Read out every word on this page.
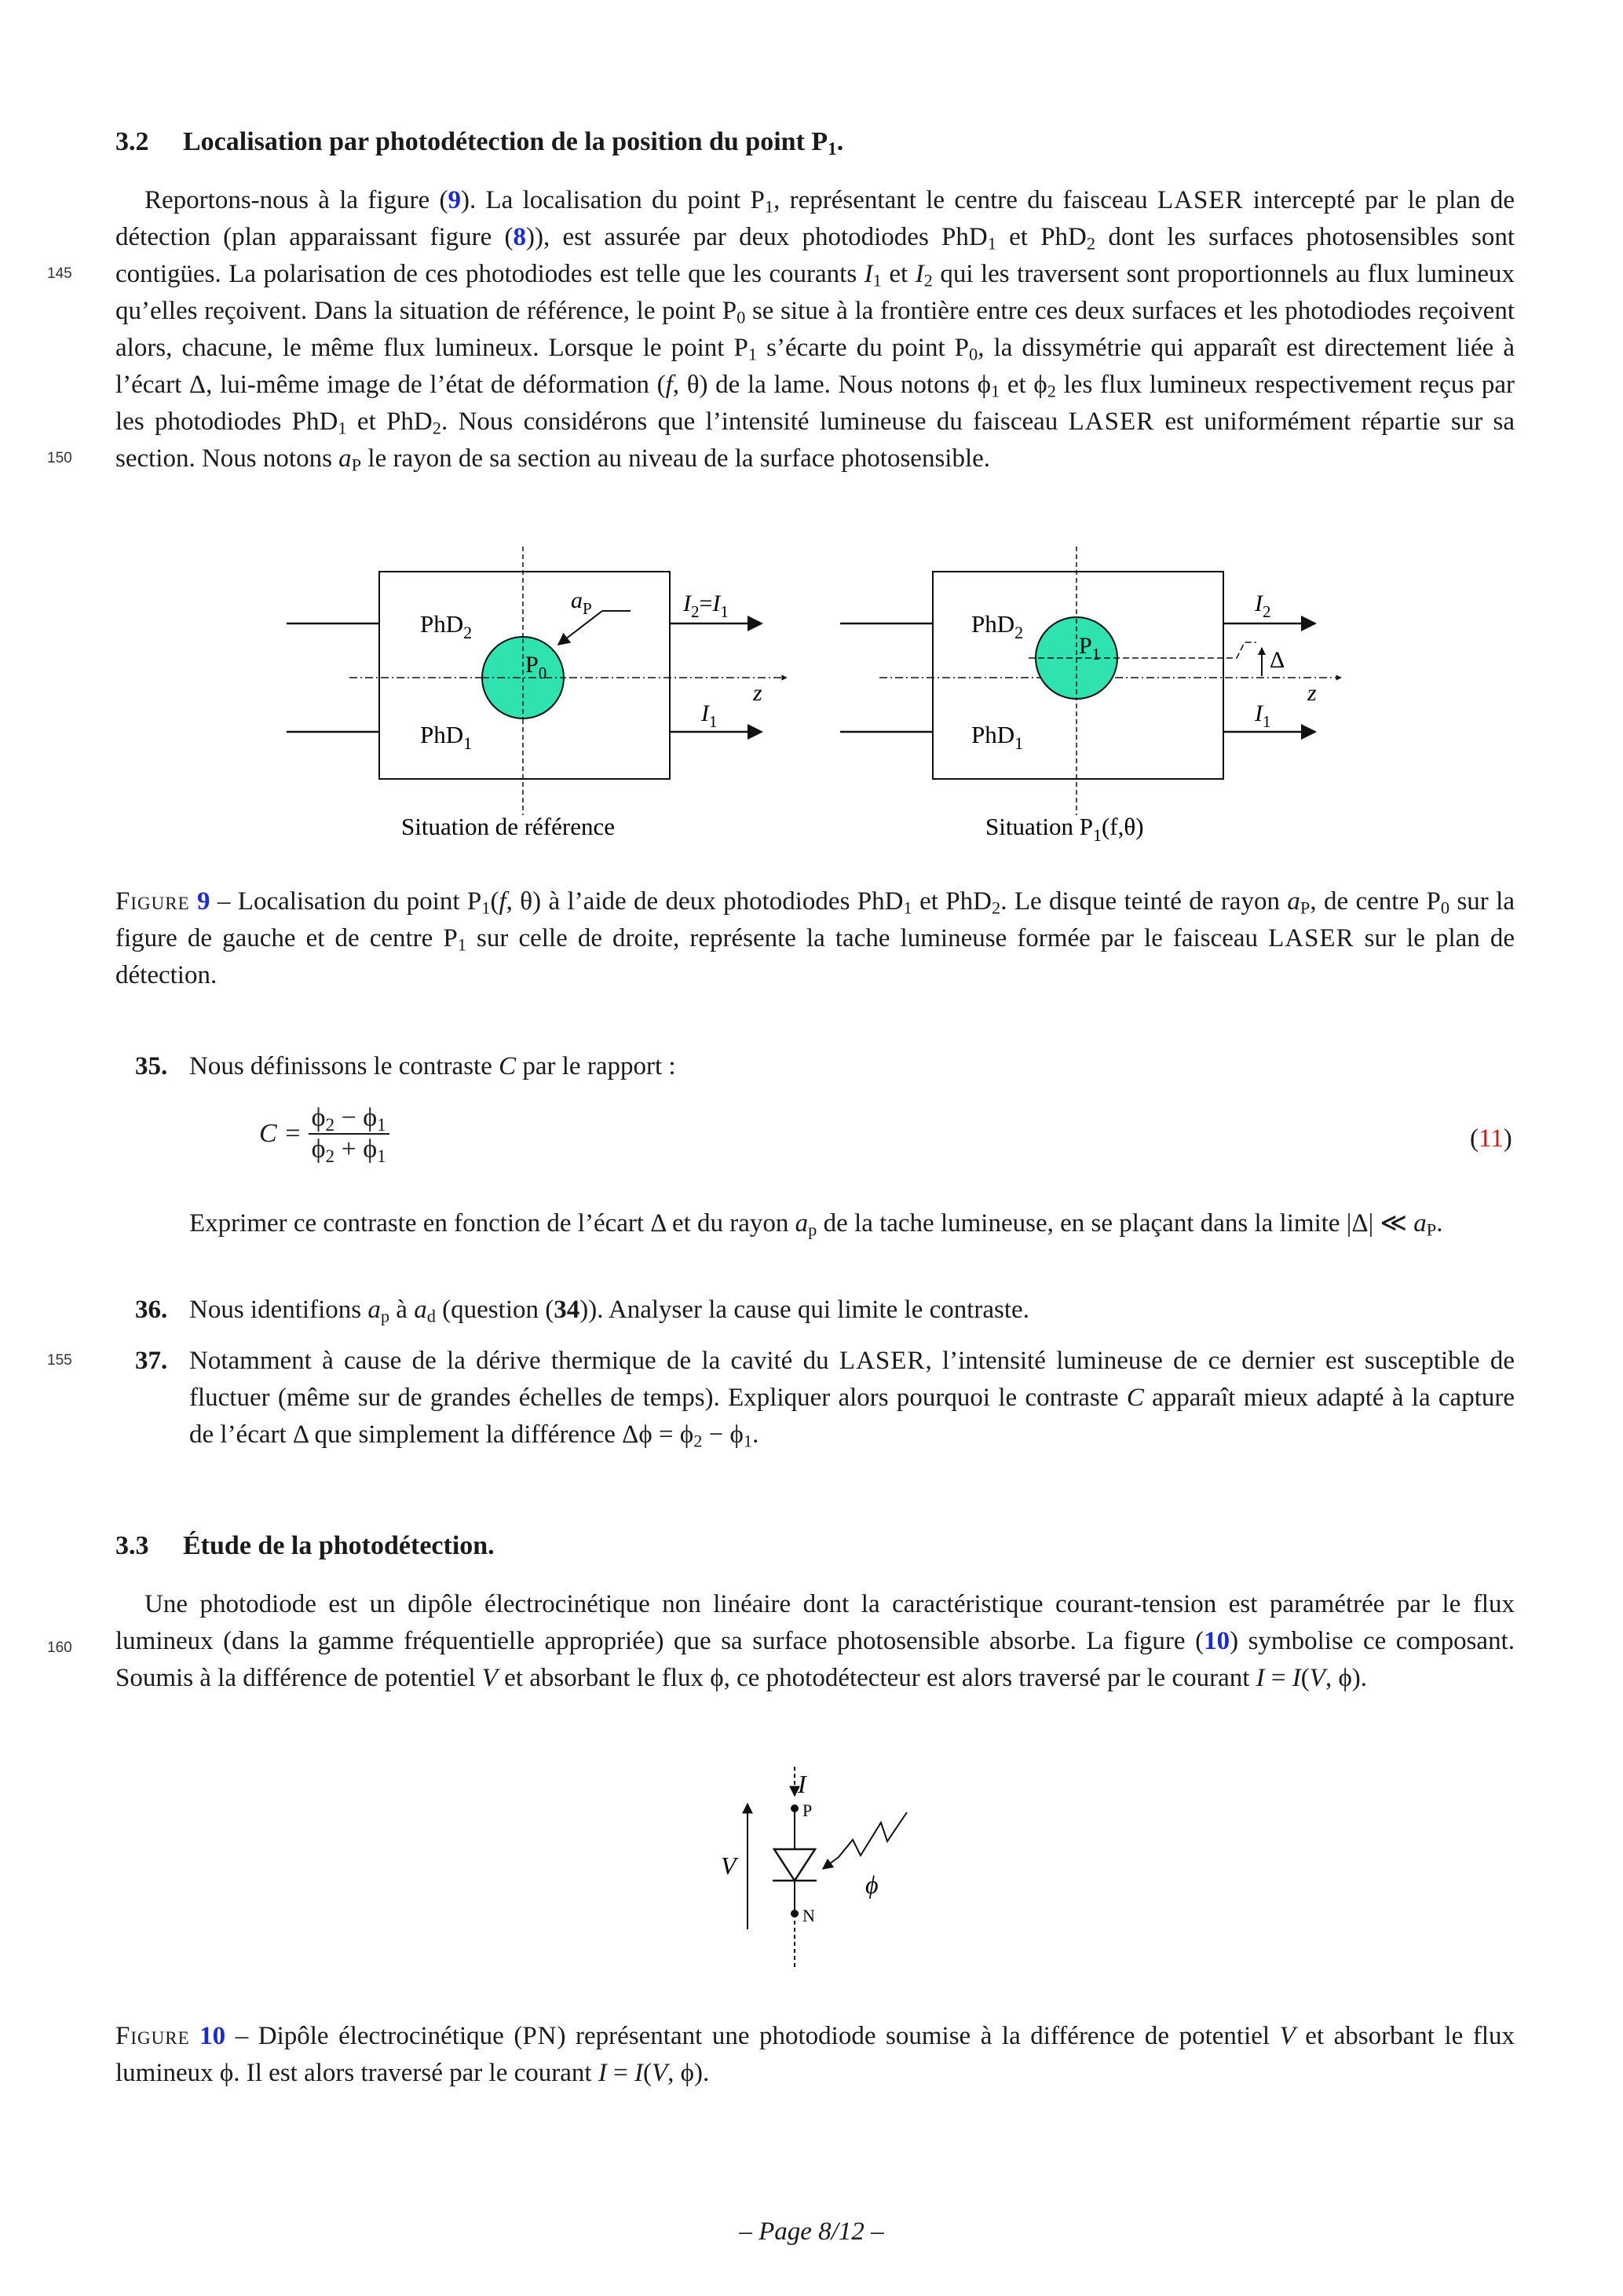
3.2 Localisation par photodétection de la position du point $P_1$.
145
150
155
160

Reportons-nous à la figure (9). La localisation du point $P_1$, représentant le centre du faisceau LASER intercepté par le plan de détection (plan apparaissant figure (8)), est assurée par deux photodiodes PhD$_1$ et PhD$_2$ dont les surfaces photosensibles sont contigües. La polarisation de ces photodiodes est telle que les courants $I_1$ et $I_2$ qui les traversent sont proportionnels au flux lumineux qu’elles reçoivent. Dans la situation de référence, le point $P_0$ se situe à la frontière entre ces deux surfaces et les photodiodes reçoivent alors, chacune, le même flux lumineux. Lorsque le point $P_1$ s’écarte du point $P_0$, la dissymétrie qui apparaît est directement liée à l’écart Δ, lui-même image de l’état de déformation (f, θ) de la lame. Nous notons $\phi_1$ et $\phi_2$ les flux lumineux respectivement reçus par les photodiodes PhD$_1$ et PhD$_2$. Nous considérons que l’intensité lumineuse du faisceau LASER est uniformément répartie sur sa section. Nous notons $a_P$ le rayon de sa section au niveau de la surface photosensible.

PhD$_2$
PhD$_1$
$P_0$
$a_P$	$I_2=I_1$
$I_1$
z
Situation de référence
PhD$_2$
PhD$_1$
$P_1$
$I_2$
$I_1$
Δ
z
Situation $P_1(f,\theta)$

Figure 9 – Localisation du point $P_1(f$, θ) à l’aide de deux photodiodes PhD$_1$ et PhD$_2$. Le disque teinté de rayon $a_P$, de centre $P_0$ sur la figure de gauche et de centre $P_1$ sur celle de droite, représente la tache lumineuse formée par le faisceau LASER sur le plan de détection.

35. Nous définissons le contraste C par le rapport :
$C = \frac{\phi_2 - \phi_1}{\phi_2 + \phi_1}$	(11)
Exprimer ce contraste en fonction de l’écart Δ et du rayon $a_p$ de la tache lumineuse, en se plaçant dans la limite |Δ| ≪ $a_P$.
36. Nous identifions $a_p$ à $a_d$ (question (34)). Analyser la cause qui limite le contraste.
37. Notamment à cause de la dérive thermique de la cavité du LASER, l’intensité lumineuse de ce dernier est susceptible de fluctuer (même sur de grandes échelles de temps). Expliquer alors pourquoi le contraste C apparaît mieux adapté à la capture de l’écart Δ que simplement la différence $\Delta\phi = \phi_2 - \phi_1$.
3.3 Étude de la photodétection.

Une photodiode est un dipôle électrocinétique non linéaire dont la caractéristique courant-tension est paramétrée par le flux lumineux (dans la gamme fréquentielle appropriée) que sa surface photosensible absorbe. La figure (10) symbolise ce composant. Soumis à la différence de potentiel V et absorbant le flux ϕ, ce photodétecteur est alors traversé par le courant I = I(V, ϕ).

I
P
N
V
ϕ

Figure 10 – Dipôle électrocinétique (PN) représentant une photodiode soumise à la différence de potentiel V et absorbant le flux lumineux ϕ. Il est alors traversé par le courant I = I(V, ϕ).

– Page 8/12 –
